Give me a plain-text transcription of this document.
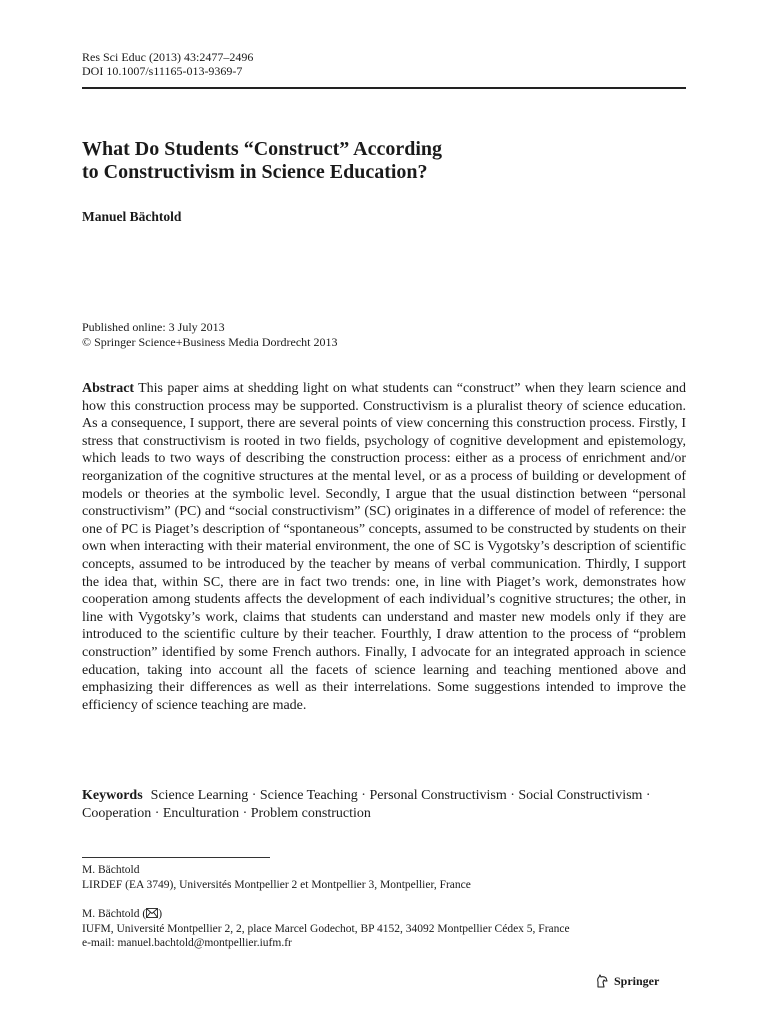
Res Sci Educ (2013) 43:2477–2496
DOI 10.1007/s11165-013-9369-7
What Do Students “Construct” According
to Constructivism in Science Education?
Manuel Bächtold
Published online: 3 July 2013
© Springer Science+Business Media Dordrecht 2013

Abstract This paper aims at shedding light on what students can “construct” when they learn science and how this construction process may be supported. Constructivism is a pluralist theory of science education. As a consequence, I support, there are several points of view concerning this construction process. Firstly, I stress that constructivism is rooted in two fields, psychology of cognitive development and epistemology, which leads to two ways of describing the construction process: either as a process of enrichment and/or reorganization of the cognitive structures at the mental level, or as a process of building or development of models or theories at the symbolic level. Secondly, I argue that the usual distinction between “personal constructivism” (PC) and “social constructivism” (SC) originates in a difference of model of reference: the one of PC is Piaget’s description of “spontaneous” concepts, assumed to be constructed by students on their own when interacting with their material environment, the one of SC is Vygotsky’s description of scientific concepts, assumed to be introduced by the teacher by means of verbal communication. Thirdly, I support the idea that, within SC, there are in fact two trends: one, in line with Piaget’s work, demonstrates how cooperation among students affects the development of each individual’s cognitive structures; the other, in line with Vygotsky’s work, claims that students can understand and master new models only if they are introduced to the scientific culture by their teacher. Fourthly, I draw attention to the process of “problem construction” identified by some French authors. Finally, I advocate for an integrated approach in science education, taking into account all the facets of science learning and teaching mentioned above and emphasizing their differences as well as their interrelations. Some suggestions intended to improve the efficiency of science teaching are made.

Keywords Science Learning · Science Teaching · Personal Constructivism · Social Constructivism · Cooperation · Enculturation · Problem construction

M. Bächtold
LIRDEF (EA 3749), Universités Montpellier 2 et Montpellier 3, Montpellier, France
M. Bächtold ( )
IUFM, Université Montpellier 2, 2, place Marcel Godechot, BP 4152, 34092 Montpellier Cédex 5, France
e-mail: manuel.bachtold@montpellier.iufm.fr
Springer
